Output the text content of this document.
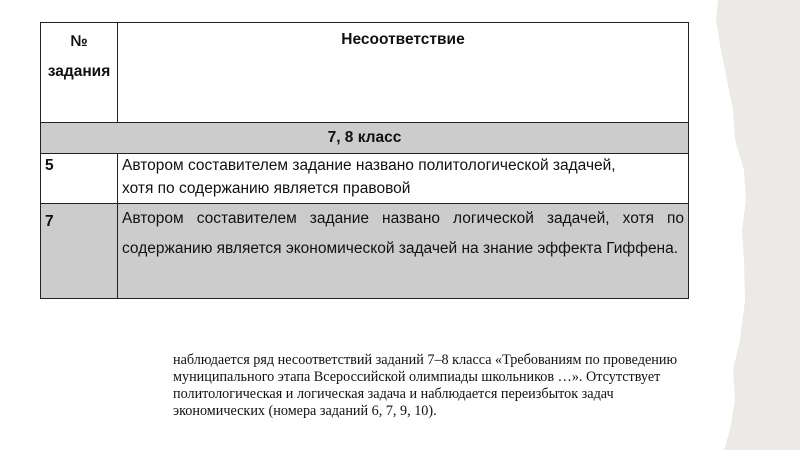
№
задания	Несоответствие
7, 8 класс	
5	Автором составителем задание названо политологической задачей,
хотя по содержанию является правовой

7	Автором составителем задание названо логической задачей, хотя по содержанию является экономической задачей на знание эффекта Гиффена.
наблюдается ряд несоответствий заданий 7–8 класса «Требованиям по проведению
муниципального этапа Всероссийской олимпиады школьников …». Отсутствует
политологическая и логическая задача и наблюдается переизбыток задач
экономических (номера заданий 6, 7, 9, 10).
